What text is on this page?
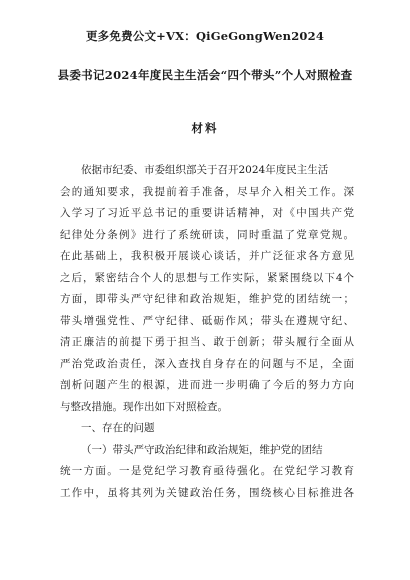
更多免费公文+VX：QiGeGongWen2024
县委书记2024年度民主生活会“四个带头”个人对照检查
材料
依据市纪委、市委组织部关于召开2024年度民主生活
会的通知要求，我提前着手准备，尽早介入相关工作。深
入学习了习近平总书记的重要讲话精神，对《中国共产党
纪律处分条例》进行了系统研读，同时重温了党章党规。
在此基础上，我积极开展谈心谈话，并广泛征求各方意见
之后，紧密结合个人的思想与工作实际，紧紧围绕以下4个
方面，即带头严守纪律和政治规矩，维护党的团结统一；
带头增强党性、严守纪律、砥砺作风；带头在遵规守纪、
清正廉洁的前提下勇于担当、敢于创新；带头履行全面从
严治党政治责任，深入查找自身存在的问题与不足，全面
剖析问题产生的根源，进而进一步明确了今后的努力方向
与整改措施。现作出如下对照检查。
一、存在的问题
（一）带头严守政治纪律和政治规矩，维护党的团结
统一方面。一是党纪学习教育亟待强化。在党纪学习教育
工作中，虽将其列为关键政治任务，围绕核心目标推进各
